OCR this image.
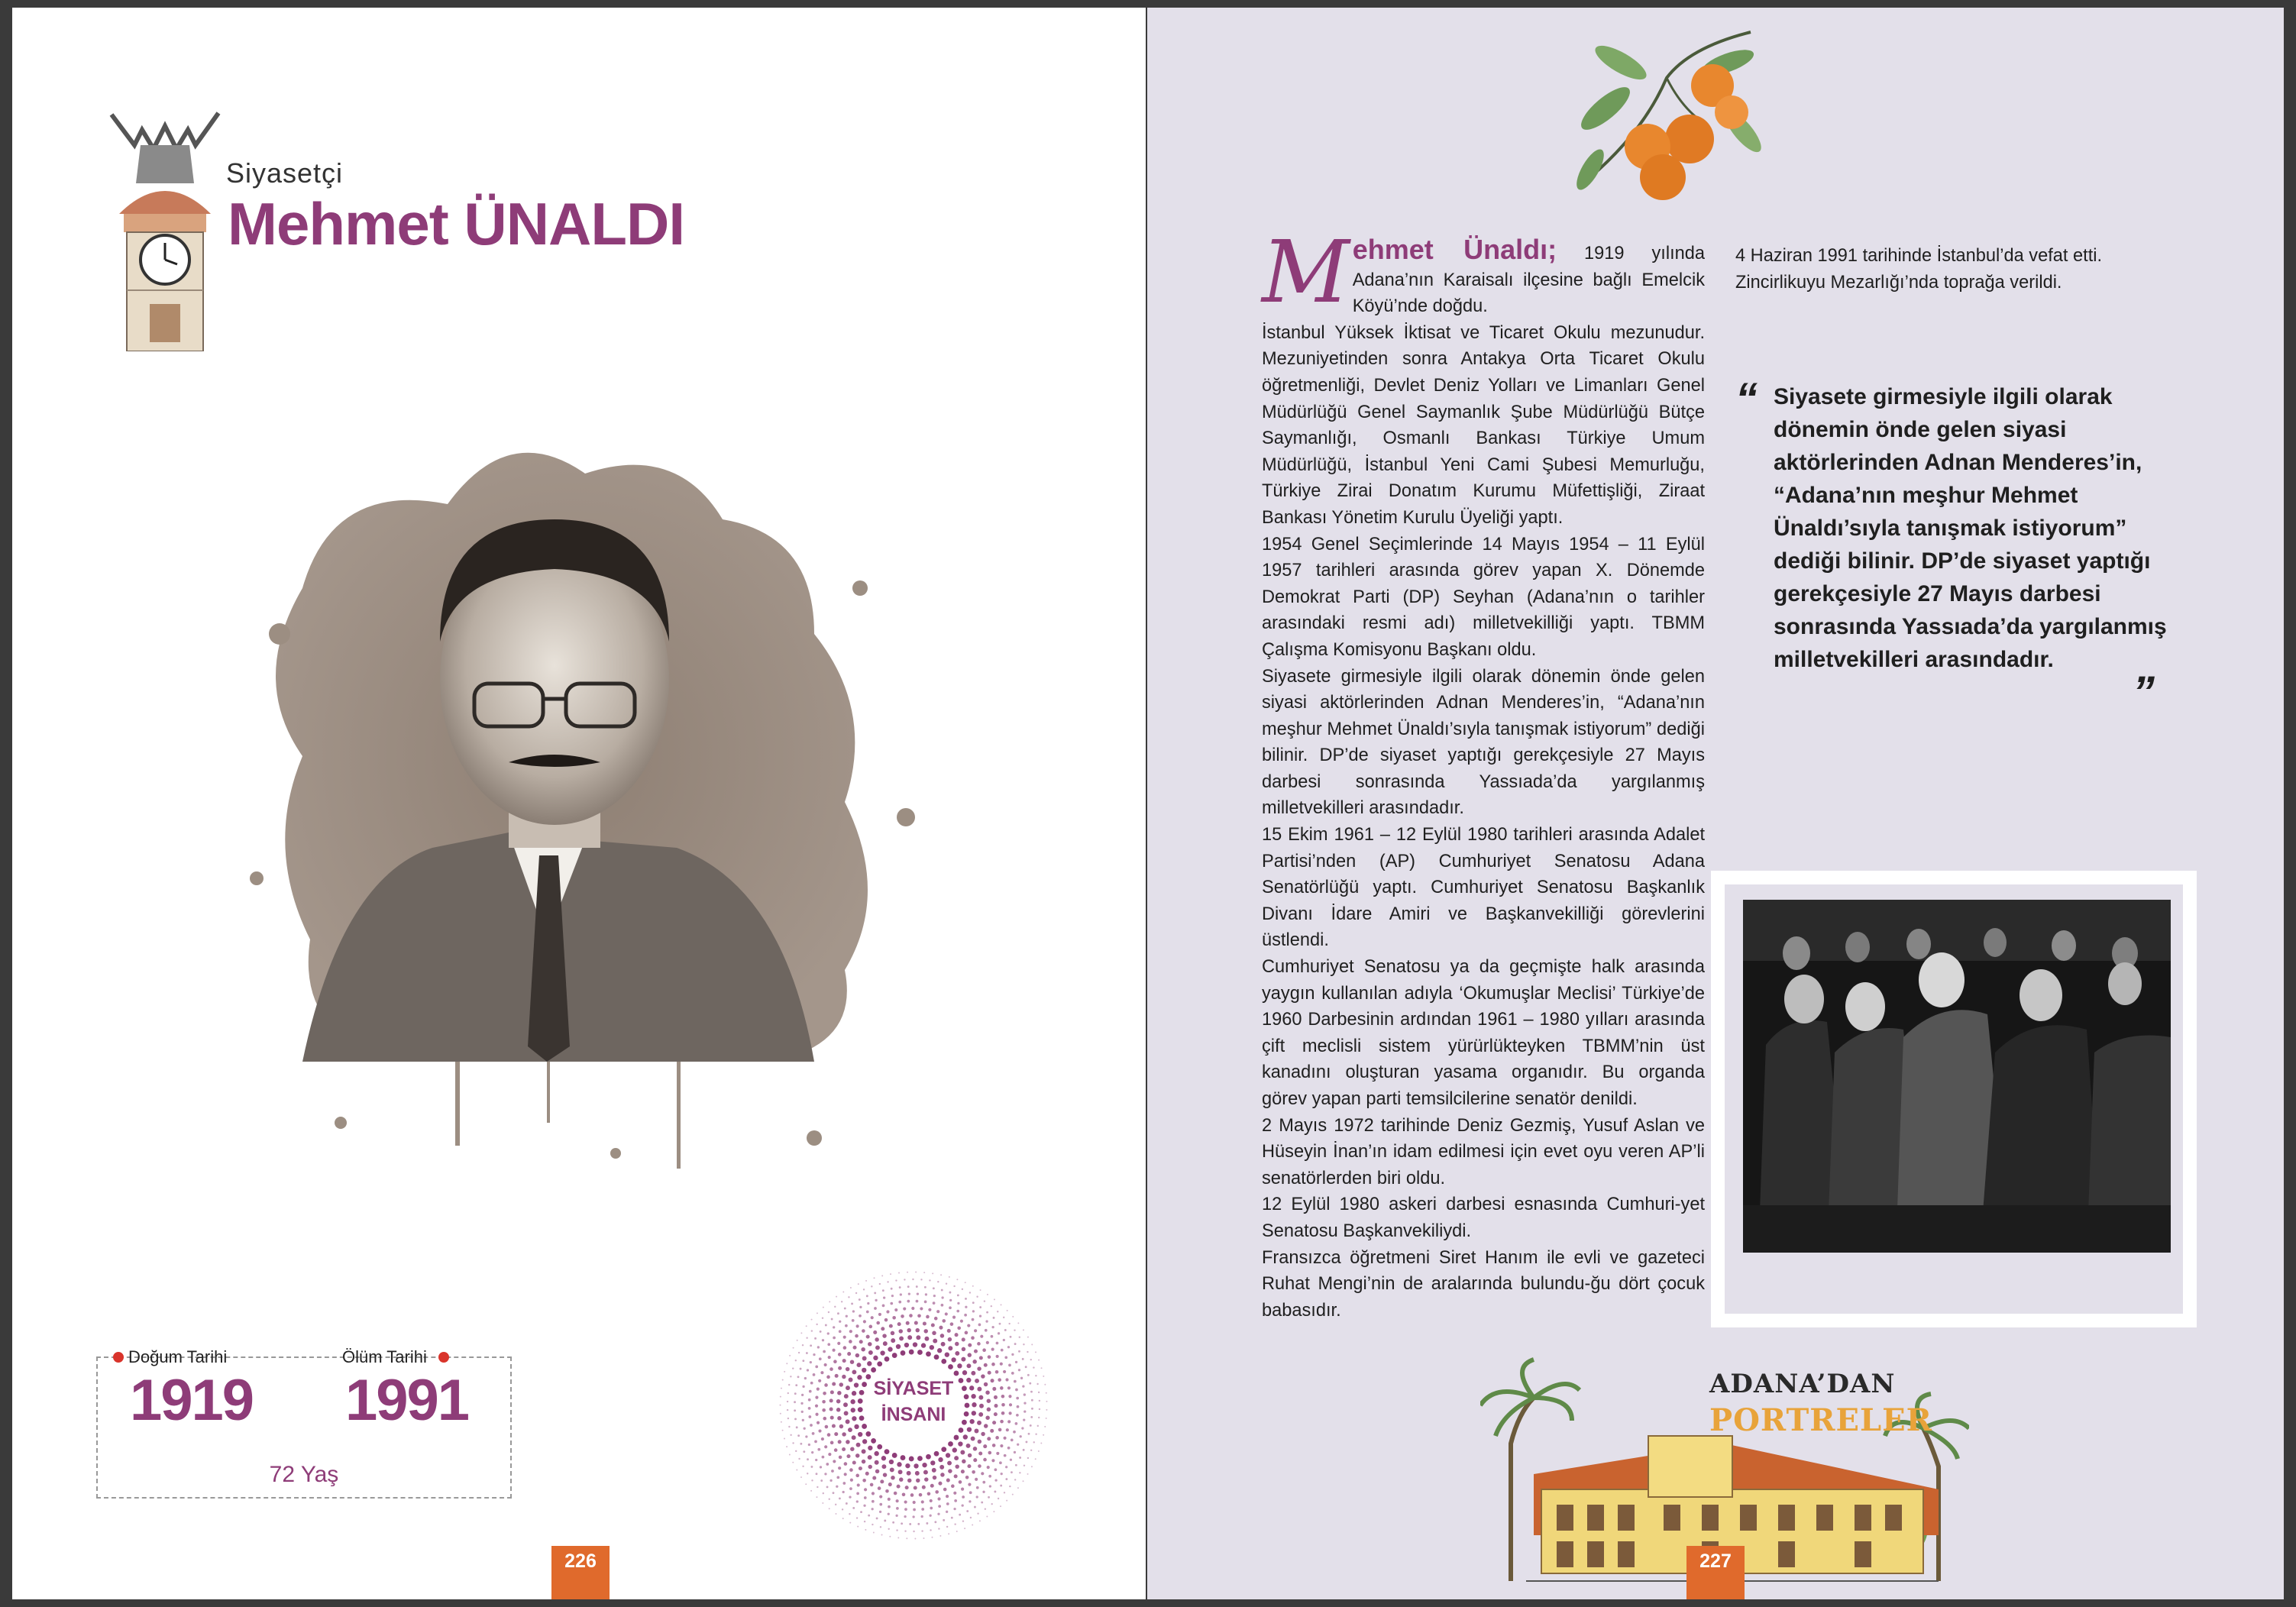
Siyasetçi
Mehmet ÜNALDI
Doğum Tarihi
1919
Ölüm Tarihi
1991
72 Yaş
SİYASET
İNSANI
226

Mehmet Ünaldı; 1919 yılında Adana’nın Karaisalı ilçesine bağlı Emelcik Köyü’nde doğdu.

İstanbul Yüksek İktisat ve Ticaret Okulu mezunudur. Mezuniyetinden sonra Antakya Orta Ticaret Okulu öğretmenliği, Devlet Deniz Yolları ve Limanları Genel Müdürlüğü Genel Saymanlık Şube Müdürlüğü Bütçe Saymanlığı, Osmanlı Bankası Türkiye Umum Müdürlüğü, İstanbul Yeni Cami Şubesi Memurluğu, Türkiye Zirai Donatım Kurumu Müfettişliği, Ziraat Bankası Yönetim Kurulu Üyeliği yaptı.

1954 Genel Seçimlerinde 14 Mayıs 1954 – 11 Eylül 1957 tarihleri arasında görev yapan X. Dönemde Demokrat Parti (DP) Seyhan (Adana’nın o tarihler arasındaki resmi adı) milletvekilliği yaptı. TBMM Çalışma Komisyonu Başkanı oldu.

Siyasete girmesiyle ilgili olarak dönemin önde gelen siyasi aktörlerinden Adnan Menderes’in, “Adana’nın meşhur Mehmet Ünaldı’sıyla tanışmak istiyorum” dediği bilinir. DP’de siyaset yaptığı gerekçesiyle 27 Mayıs darbesi sonrasında Yassıada’da yargılanmış milletvekilleri arasındadır.

15 Ekim 1961 – 12 Eylül 1980 tarihleri arasında Adalet Partisi’nden (AP) Cumhuriyet Senatosu Adana Senatörlüğü yaptı. Cumhuriyet Senatosu Başkanlık Divanı İdare Amiri ve Başkanvekilliği görevlerini üstlendi.

Cumhuriyet Senatosu ya da geçmişte halk arasında yaygın kullanılan adıyla ‘Okumuşlar Meclisi’ Türkiye’de 1960 Darbesinin ardından 1961 – 1980 yılları arasında çift meclisli sistem yürürlükteyken TBMM’nin üst kanadını oluşturan yasama organıdır. Bu organda görev yapan parti temsilcilerine senatör denildi.

2 Mayıs 1972 tarihinde Deniz Gezmiş, Yusuf Aslan ve Hüseyin İnan’ın idam edilmesi için evet oyu veren AP’li senatörlerden biri oldu.

12 Eylül 1980 askeri darbesi esnasında Cumhuri-yet Senatosu Başkanvekiliydi.

Fransızca öğretmeni Siret Hanım ile evli ve gazeteci Ruhat Mengi’nin de aralarında bulundu-ğu dört çocuk babasıdır.

4 Haziran 1991 tarihinde İstanbul’da vefat etti. Zincirlikuyu Mezarlığı’nda toprağa verildi.

“ Siyasete girmesiyle ilgili olarak dönemin önde gelen siyasi aktörlerinden Adnan Menderes’in, “Adana’nın meşhur Mehmet Ünaldı’sıyla tanışmak istiyorum” dediği bilinir. DP’de siyaset yaptığı gerekçesiyle 27 Mayıs darbesi sonrasında Yassıada’da yargılanmış milletvekilleri arasındadır.
”
ADANA’DAN
PORTRELER
227
